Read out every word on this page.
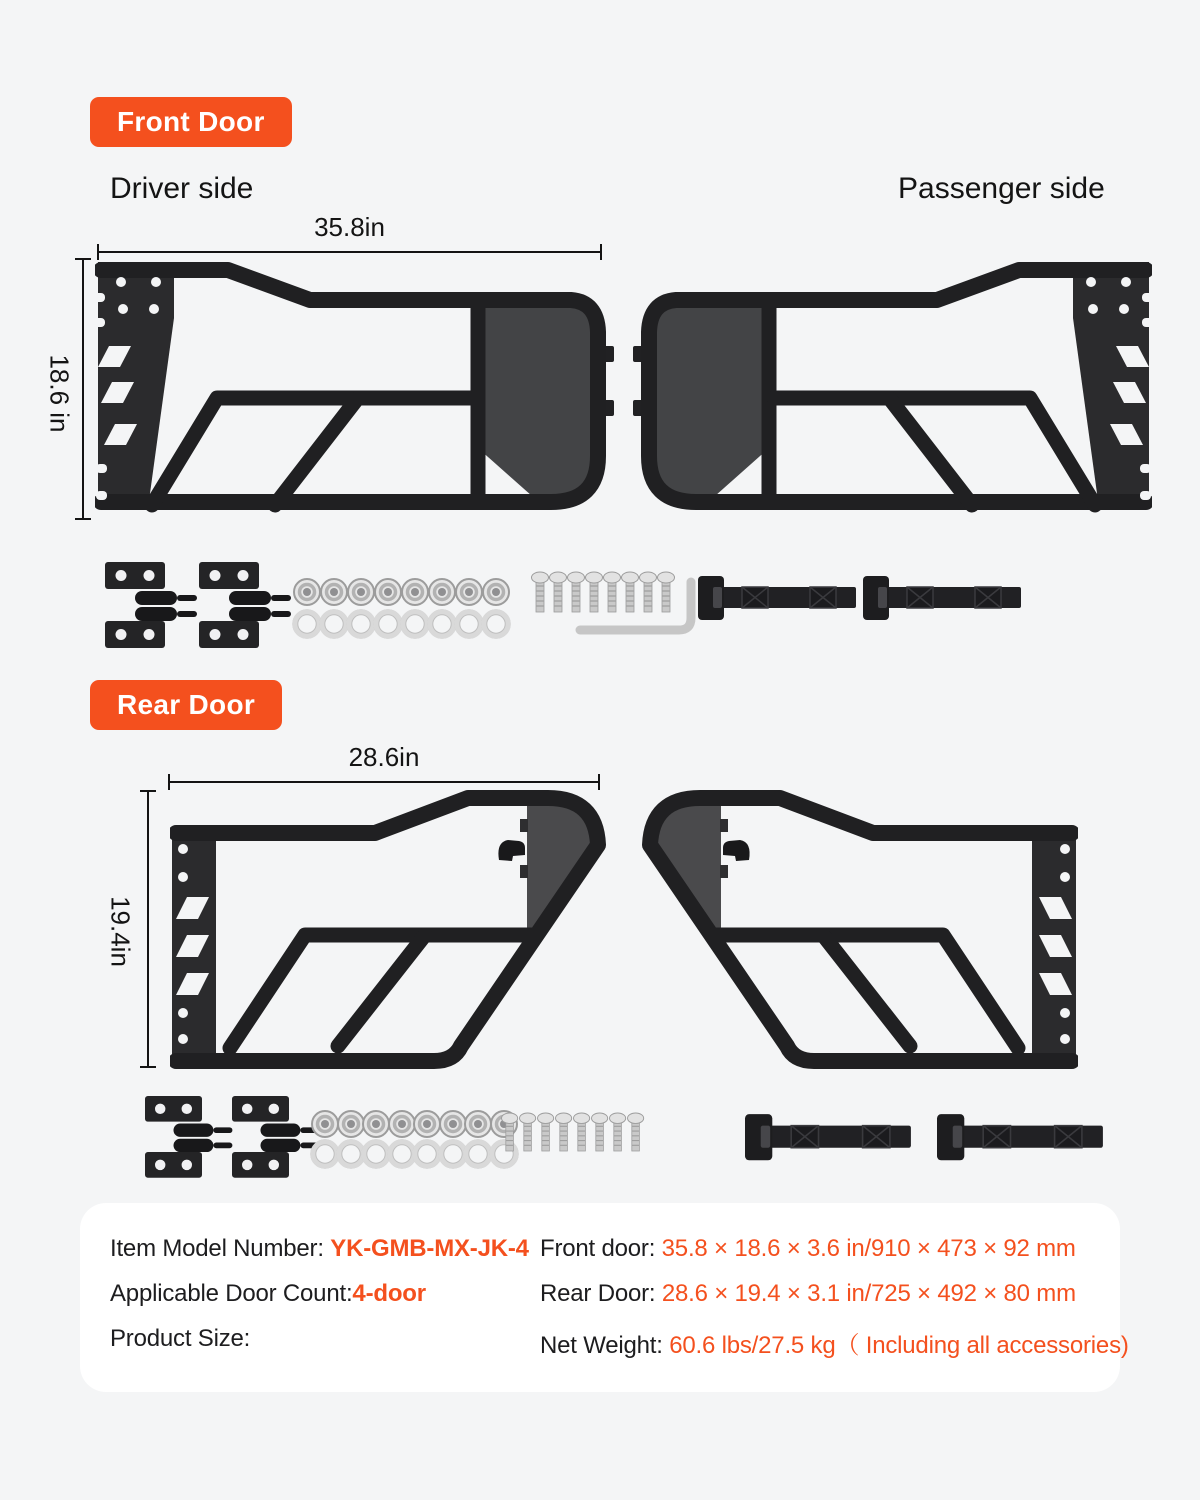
Front Door
Driver side	Passenger side
35.8in
18.6 in
Rear Door
28.6in
19.4in
Item Model Number: YK-GMB-MX-JK-4
Applicable Door Count:4-door
Product Size:
Front door: 35.8 × 18.6 × 3.6 in/910 × 473 × 92 mm
Rear Door: 28.6 × 19.4 × 3.1 in/725 × 492 × 80 mm
Net Weight: 60.6 lbs/27.5 kg（ Including all accessories)
